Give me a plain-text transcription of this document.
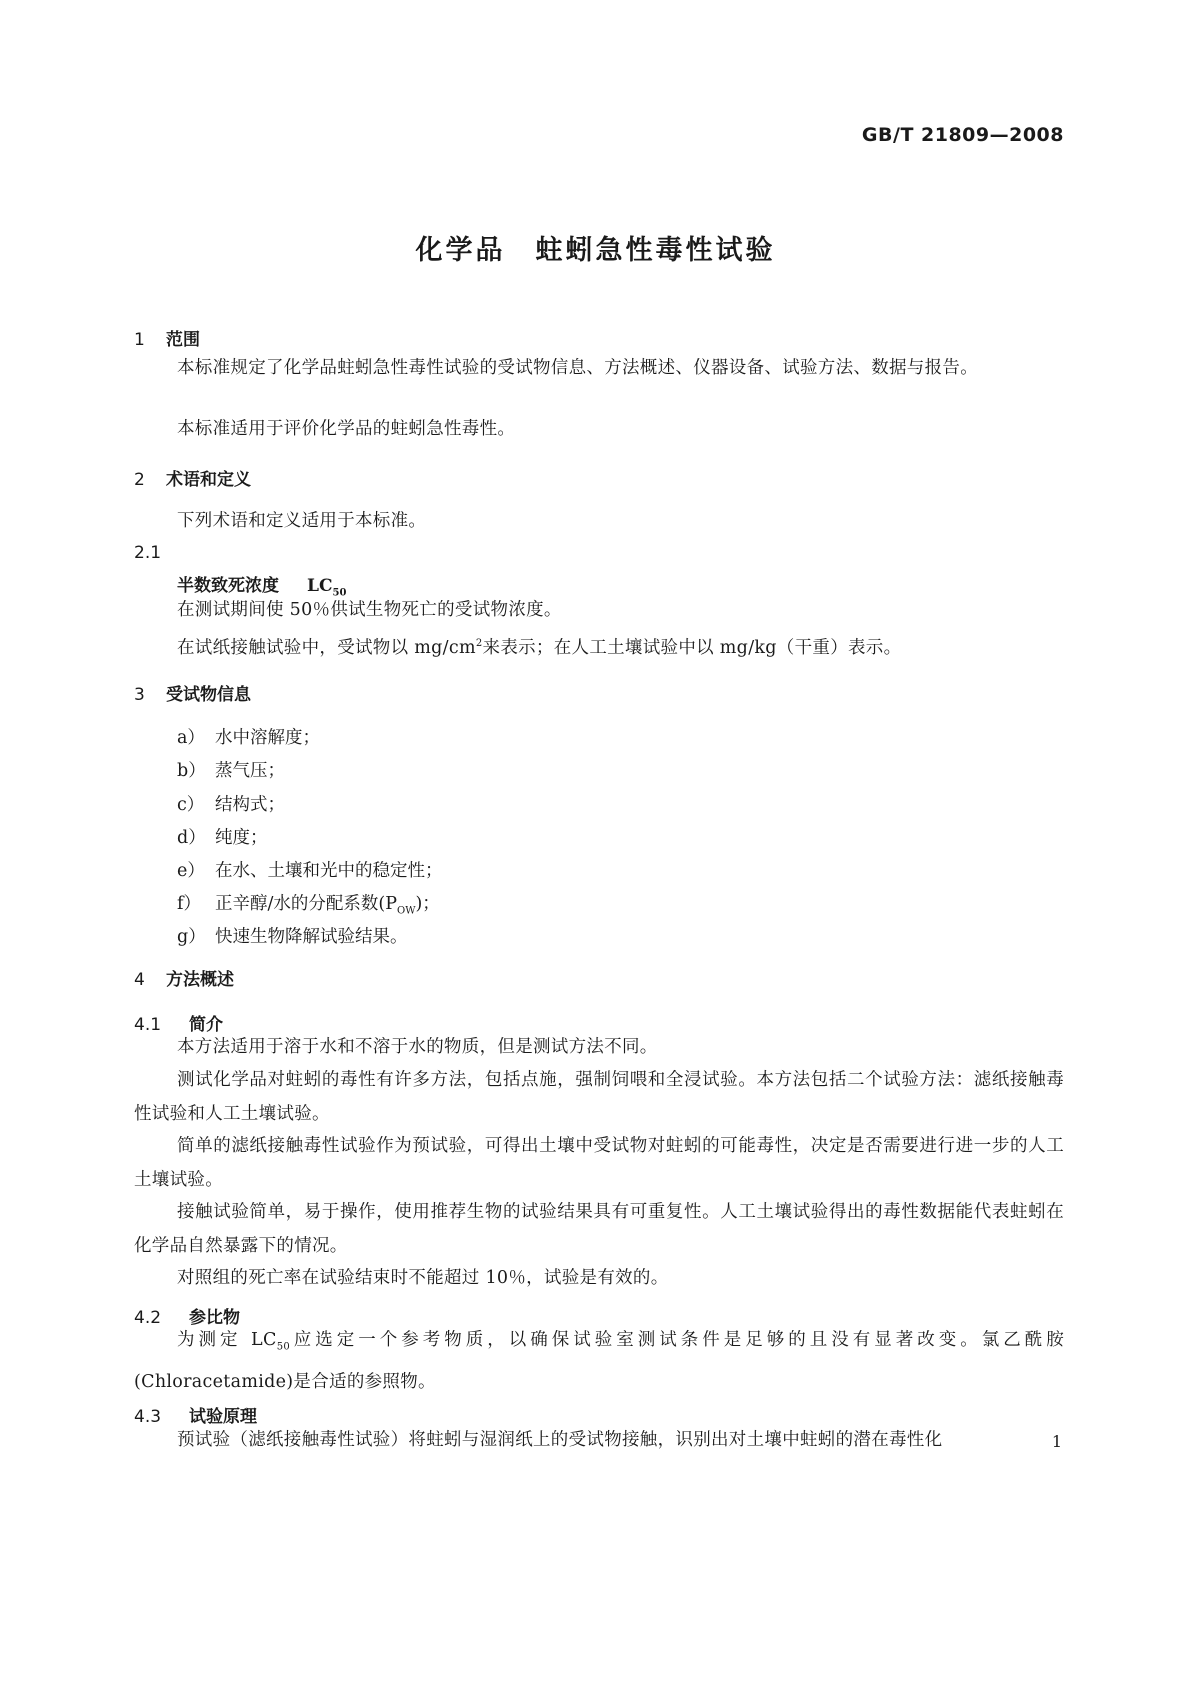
GB/T 21809—2008
化学品　蛀蚓急性毒性试验
1 范围
本标准规定了化学品蛀蚓急性毒性试验的受试物信息、方法概述、仪器设备、试验方法、数据与报告。
本标准适用于评价化学品的蛀蚓急性毒性。
2 术语和定义
下列术语和定义适用于本标准。
2.1
半数致死浓度 $LC_{50}$
在测试期间使 50％供试生物死亡的受试物浓度。
在试纸接触试验中，受试物以 $mg/cm^2$来表示；在人工土壤试验中以 mg/kg（干重）表示。
3 受试物信息
a） 水中溶解度；
b） 蒸气压；
c） 结构式；
d） 纯度；
e） 在水、土壤和光中的稳定性；
f） 正辛醇/水的分配系数$(P_{OW})$；
g） 快速生物降解试验结果。
4 方法概述
4.1 简介
本方法适用于溶于水和不溶于水的物质，但是测试方法不同。
测试化学品对蛀蚓的毒性有许多方法，包括点施，强制饲喂和全浸试验。本方法包括二个试验方法：滤纸接触毒性试验和人工土壤试验。
简单的滤纸接触毒性试验作为预试验，可得出土壤中受试物对蛀蚓的可能毒性，决定是否需要进行进一步的人工土壤试验。
接触试验简单，易于操作，使用推荐生物的试验结果具有可重复性。人工土壤试验得出的毒性数据能代表蛀蚓在化学品自然暴露下的情况。
对照组的死亡率在试验结束时不能超过 10％，试验是有效的。
4.2 参比物
为测定 $LC_{50}$应选定一个参考物质，以确保试验室测试条件是足够的且没有显著改变。氯乙酰胺(Chloracetamide)是合适的参照物。
4.3 试验原理
预试验（滤纸接触毒性试验）将蛀蚓与湿润纸上的受试物接触，识别出对土壤中蛀蚓的潜在毒性化	1
